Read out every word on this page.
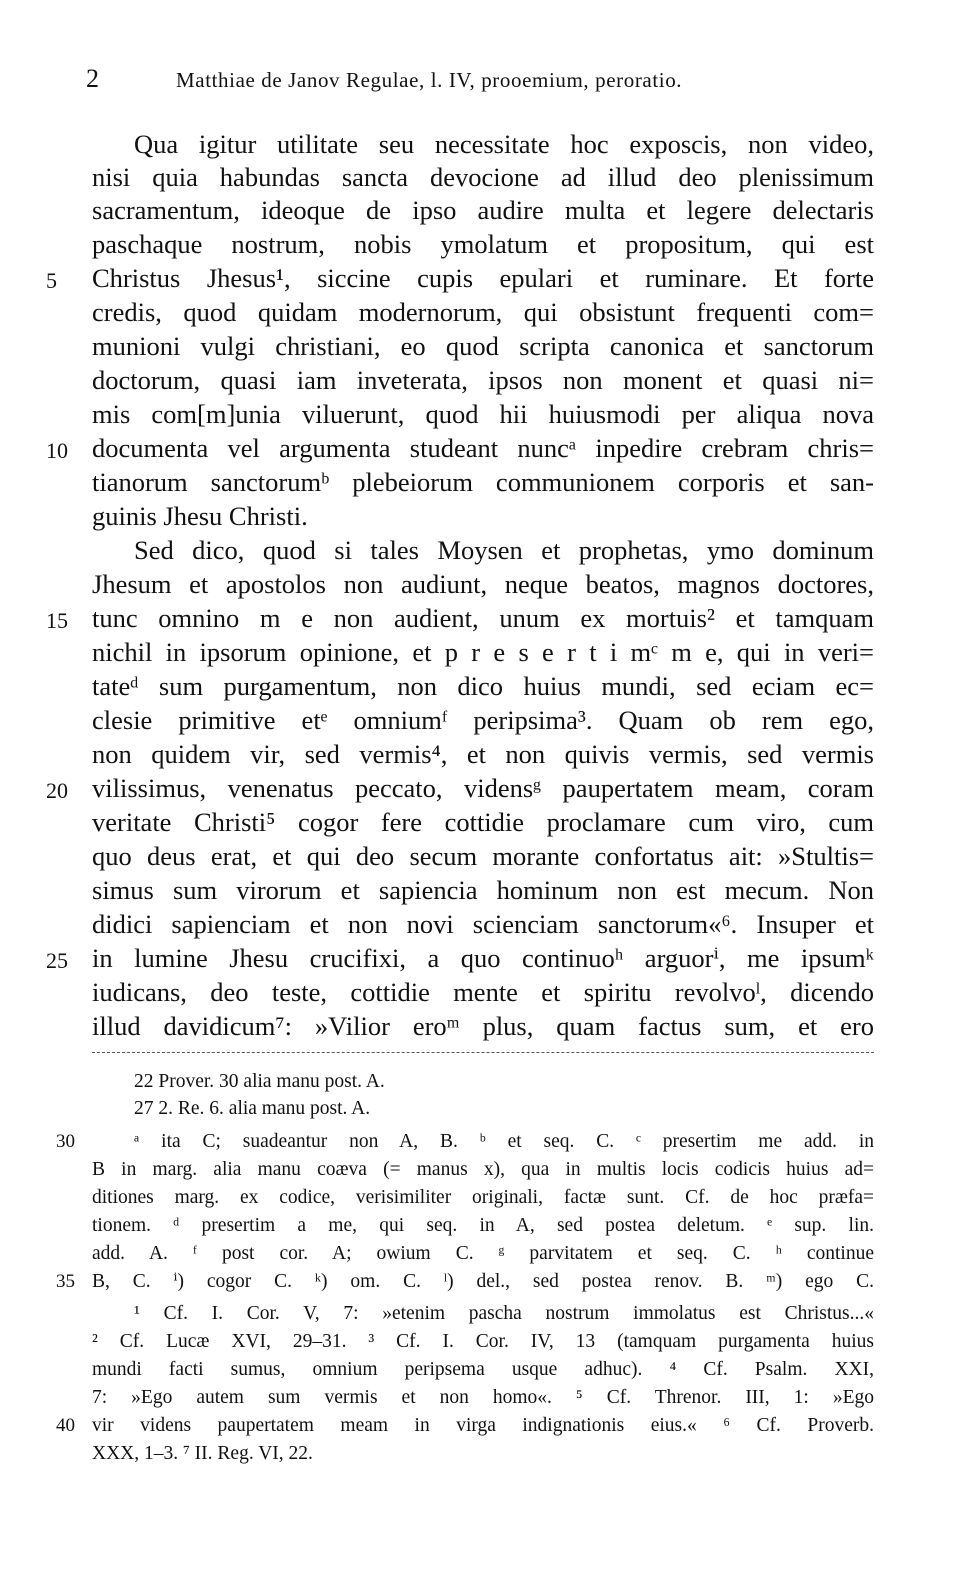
2	Matthiae de Janov Regulae, l. IV, prooemium, peroratio.
Qua igitur utilitate seu necessitate hoc exposcis, non video,
nisi quia habundas sancta devocione ad illud deo plenissimum
sacramentum, ideoque de ipso audire multa et legere delectaris
paschaque nostrum, nobis ymolatum et propositum, qui est
Christus Jhesus¹, siccine cupis epulari et ruminare. Et forte
credis, quod quidam modernorum, qui obsistunt frequenti com=
munioni vulgi christiani, eo quod scripta canonica et sanctorum
doctorum, quasi iam inveterata, ipsos non monent et quasi ni=
mis com[m]unia viluerunt, quod hii huiusmodi per aliqua nova
documenta vel argumenta studeant nuncᵃ inpedire crebram chris=
tianorum sanctorumᵇ plebeiorum communionem corporis et san-
guinis Jhesu Christi.
Sed dico, quod si tales Moysen et prophetas, ymo dominum
Jhesum et apostolos non audiunt, neque beatos, magnos doctores,
tunc omnino m e non audient, unum ex mortuis² et tamquam
nichil in ipsorum opinione, et p r e s e r t i mᶜ m e, qui in veri=
tateᵈ sum purgamentum, non dico huius mundi, sed eciam ec=
clesie primitive etᵉ omniumᶠ peripsima³. Quam ob rem ego,
non quidem vir, sed vermis⁴, et non quivis vermis, sed vermis
vilissimus, venenatus peccato, vidensᵍ paupertatem meam, coram
veritate Christi⁵ cogor fere cottidie proclamare cum viro, cum
quo deus erat, et qui deo secum morante confortatus ait: »Stultis=
simus sum virorum et sapiencia hominum non est mecum. Non
didici sapienciam et non novi scienciam sanctorum«⁶. Insuper et
in lumine Jhesu crucifixi, a quo continuoʰ arguorⁱ, me ipsumᵏ
iudicans, deo teste, cottidie mente et spiritu revolvoˡ, dicendo
illud davidicum⁷: »Vilior eroᵐ plus, quam factus sum, et ero
5
10
15
20
25
22 Prover. 30 alia manu post. A.
27 2. Re. 6. alia manu post. A.
ᵃ ita C; suadeantur non A, B. ᵇ et seq. C. ᶜ presertim me add. in
B in marg. alia manu coæva (= manus x), qua in multis locis codicis huius ad=
ditiones marg. ex codice, verisimiliter originali, factæ sunt. Cf. de hoc præfa=
tionem. ᵈ presertim a me, qui seq. in A, sed postea deletum. ᵉ sup. lin.
add. A. ᶠ post cor. A; owium C. ᵍ parvitatem et seq. C. ʰ continue
B, C. ⁱ) cogor C. ᵏ) om. C. ˡ) del., sed postea renov. B. ᵐ) ego C.
¹ Cf. I. Cor. V, 7: »etenim pascha nostrum immolatus est Christus...«
² Cf. Lucæ XVI, 29–31. ³ Cf. I. Cor. IV, 13 (tamquam purgamenta huius
mundi facti sumus, omnium peripsema usque adhuc). ⁴ Cf. Psalm. XXI,
7: »Ego autem sum vermis et non homo«. ⁵ Cf. Threnor. III, 1: »Ego
vir videns paupertatem meam in virga indignationis eius.« ⁶ Cf. Proverb.
XXX, 1–3. ⁷ II. Reg. VI, 22.
30
35
40
